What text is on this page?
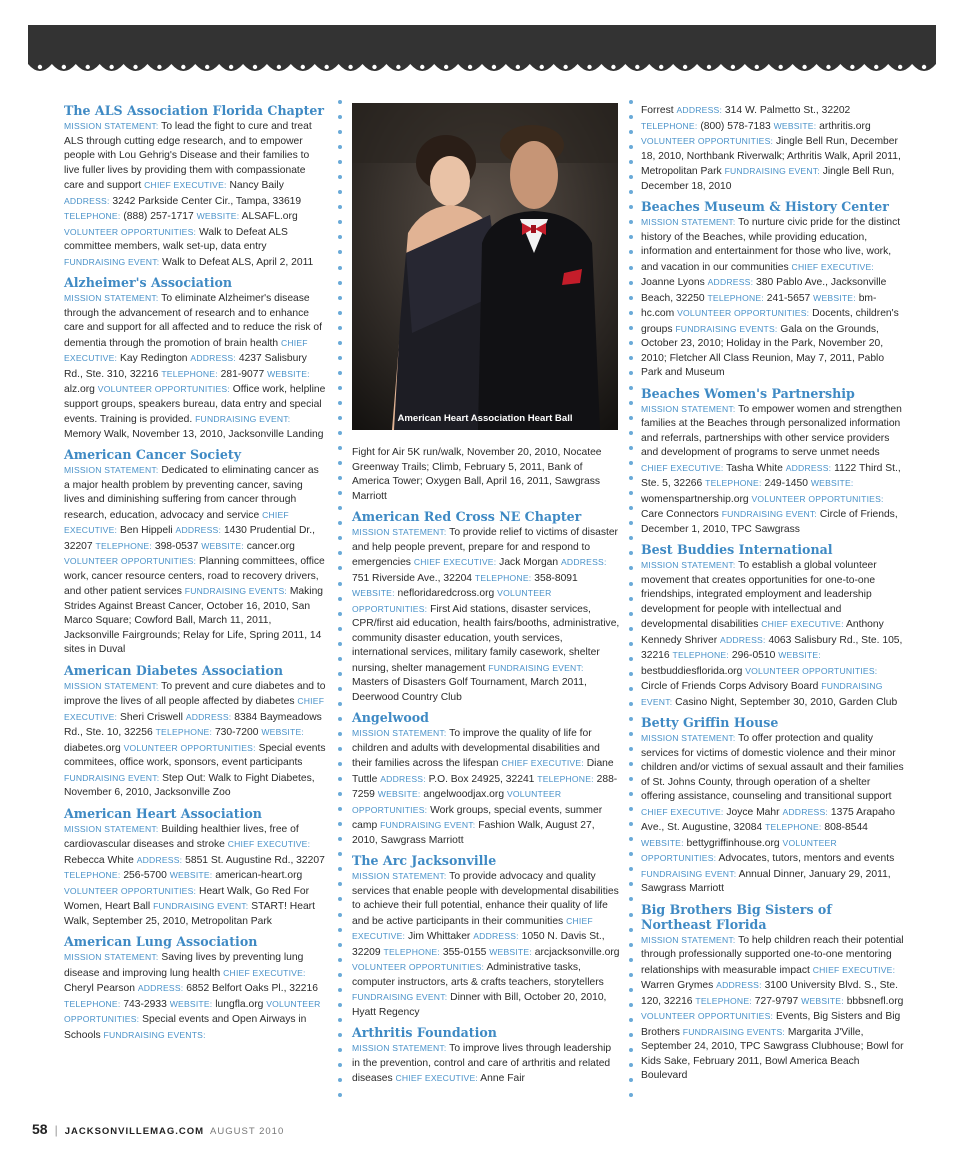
The ALS Association Florida Chapter
MISSION STATEMENT: To lead the fight to cure and treat ALS through cutting edge research, and to empower people with Lou Gehrig's Disease and their families to live fuller lives by providing them with compassionate care and support CHIEF EXECUTIVE: Nancy Baily ADDRESS: 3242 Parkside Center Cir., Tampa, 33619 TELEPHONE: (888) 257-1717 WEBSITE: ALSAFL.org VOLUNTEER OPPORTUNITIES: Walk to Defeat ALS committee members, walk set-up, data entry FUNDRAISING EVENT: Walk to Defeat ALS, April 2, 2011
Alzheimer's Association
MISSION STATEMENT: To eliminate Alzheimer's disease through the advancement of research and to enhance care and support for all affected and to reduce the risk of dementia through the promotion of brain health CHIEF EXECUTIVE: Kay Redington ADDRESS: 4237 Salisbury Rd., Ste. 310, 32216 TELEPHONE: 281-9077 WEBSITE: alz.org VOLUNTEER OPPORTUNITIES: Office work, helpline support groups, speakers bureau, data entry and special events. Training is provided. FUNDRAISING EVENT: Memory Walk, November 13, 2010, Jacksonville Landing
American Cancer Society
MISSION STATEMENT: Dedicated to eliminating cancer as a major health problem by preventing cancer, saving lives and diminishing suffering from cancer through research, education, advocacy and service CHIEF EXECUTIVE: Ben Hippeli ADDRESS: 1430 Prudential Dr., 32207 TELEPHONE: 398-0537 WEBSITE: cancer.org VOLUNTEER OPPORTUNITIES: Planning committees, office work, cancer resource centers, road to recovery drivers, and other patient services FUNDRAISING EVENTS: Making Strides Against Breast Cancer, October 16, 2010, San Marco Square; Cowford Ball, March 11, 2011, Jacksonville Fairgrounds; Relay for Life, Spring 2011, 14 sites in Duval
American Diabetes Association
MISSION STATEMENT: To prevent and cure diabetes and to improve the lives of all people affected by diabetes CHIEF EXECUTIVE: Sheri Criswell ADDRESS: 8384 Baymeadows Rd., Ste. 10, 32256 TELEPHONE: 730-7200 WEBSITE: diabetes.org VOLUNTEER OPPORTUNITIES: Special events commitees, office work, sponsors, event participants FUNDRAISING EVENT: Step Out: Walk to Fight Diabetes, November 6, 2010, Jacksonville Zoo
American Heart Association
MISSION STATEMENT: Building healthier lives, free of cardiovascular diseases and stroke CHIEF EXECUTIVE: Rebecca White ADDRESS: 5851 St. Augustine Rd., 32207 TELEPHONE: 256-5700 WEBSITE: american-heart.org VOLUNTEER OPPORTUNITIES: Heart Walk, Go Red For Women, Heart Ball FUNDRAISING EVENT: START! Heart Walk, September 25, 2010, Metropolitan Park
American Lung Association
MISSION STATEMENT: Saving lives by preventing lung disease and improving lung health CHIEF EXECUTIVE: Cheryl Pearson ADDRESS: 6852 Belfort Oaks Pl., 32216 TELEPHONE: 743-2933 WEBSITE: lungfla.org VOLUNTEER OPPORTUNITIES: Special events and Open Airways in Schools FUNDRAISING EVENTS:
American Heart Association Heart Ball
Fight for Air 5K run/walk, November 20, 2010, Nocatee Greenway Trails; Climb, February 5, 2011, Bank of America Tower; Oxygen Ball, April 16, 2011, Sawgrass Marriott
American Red Cross NE Chapter
MISSION STATEMENT: To provide relief to victims of disaster and help people prevent, prepare for and respond to emergencies CHIEF EXECUTIVE: Jack Morgan ADDRESS: 751 Riverside Ave., 32204 TELEPHONE: 358-8091 WEBSITE: nefloridaredcross.org VOLUNTEER OPPORTUNITIES: First Aid stations, disaster services, CPR/first aid education, health fairs/booths, administrative, community disaster education, youth services, international services, military family casework, shelter nursing, shelter management FUNDRAISING EVENT: Masters of Disasters Golf Tournament, March 2011, Deerwood Country Club
Angelwood
MISSION STATEMENT: To improve the quality of life for children and adults with developmental disabilities and their families across the lifespan CHIEF EXECUTIVE: Diane Tuttle ADDRESS: P.O. Box 24925, 32241 TELEPHONE: 288-7259 WEBSITE: angelwoodjax.org VOLUNTEER OPPORTUNITIES: Work groups, special events, summer camp FUNDRAISING EVENT: Fashion Walk, August 27, 2010, Sawgrass Marriott
The Arc Jacksonville
MISSION STATEMENT: To provide advocacy and quality services that enable people with developmental disabilities to achieve their full potential, enhance their quality of life and be active participants in their communities CHIEF EXECUTIVE: Jim Whittaker ADDRESS: 1050 N. Davis St., 32209 TELEPHONE: 355-0155 WEBSITE: arcjacksonville.org VOLUNTEER OPPORTUNITIES: Administrative tasks, computer instructors, arts & crafts teachers, storytellers FUNDRAISING EVENT: Dinner with Bill, October 20, 2010, Hyatt Regency
Arthritis Foundation
MISSION STATEMENT: To improve lives through leadership in the prevention, control and care of arthritis and related diseases CHIEF EXECUTIVE: Anne Fair
Forrest ADDRESS: 314 W. Palmetto St., 32202 TELEPHONE: (800) 578-7183 WEBSITE: arthritis.org VOLUNTEER OPPORTUNITIES: Jingle Bell Run, December 18, 2010, Northbank Riverwalk; Arthritis Walk, April 2011, Metropolitan Park FUNDRAISING EVENT: Jingle Bell Run, December 18, 2010
Beaches Museum & History Center
MISSION STATEMENT: To nurture civic pride for the distinct history of the Beaches, while providing education, information and entertainment for those who live, work, and vacation in our communities CHIEF EXECUTIVE: Joanne Lyons ADDRESS: 380 Pablo Ave., Jacksonville Beach, 32250 TELEPHONE: 241-5657 WEBSITE: bm-hc.com VOLUNTEER OPPORTUNITIES: Docents, children's groups FUNDRAISING EVENTS: Gala on the Grounds, October 23, 2010; Holiday in the Park, November 20, 2010; Fletcher All Class Reunion, May 7, 2011, Pablo Park and Museum
Beaches Women's Partnership
MISSION STATEMENT: To empower women and strengthen families at the Beaches through personalized information and referrals, partnerships with other service providers and development of programs to serve unmet needs CHIEF EXECUTIVE: Tasha White ADDRESS: 1122 Third St., Ste. 5, 32266 TELEPHONE: 249-1450 WEBSITE: womenspartnership.org VOLUNTEER OPPORTUNITIES: Care Connectors FUNDRAISING EVENT: Circle of Friends, December 1, 2010, TPC Sawgrass
Best Buddies International
MISSION STATEMENT: To establish a global volunteer movement that creates opportunities for one-to-one friendships, integrated employment and leadership development for people with intellectual and developmental disabilities CHIEF EXECUTIVE: Anthony Kennedy Shriver ADDRESS: 4063 Salisbury Rd., Ste. 105, 32216 TELEPHONE: 296-0510 WEBSITE: bestbuddiesflorida.org VOLUNTEER OPPORTUNITIES: Circle of Friends Corps Advisory Board FUNDRAISING EVENT: Casino Night, September 30, 2010, Garden Club
Betty Griffin House
MISSION STATEMENT: To offer protection and quality services for victims of domestic violence and their minor children and/or victims of sexual assault and their families of St. Johns County, through operation of a shelter offering assistance, counseling and transitional support CHIEF EXECUTIVE: Joyce Mahr ADDRESS: 1375 Arapaho Ave., St. Augustine, 32084 TELEPHONE: 808-8544 WEBSITE: bettygriffinhouse.org VOLUNTEER OPPORTUNITIES: Advocates, tutors, mentors and events FUNDRAISING EVENT: Annual Dinner, January 29, 2011, Sawgrass Marriott
Big Brothers Big Sisters of Northeast Florida
MISSION STATEMENT: To help children reach their potential through professionally supported one-to-one mentoring relationships with measurable impact CHIEF EXECUTIVE: Warren Grymes ADDRESS: 3100 University Blvd. S., Ste. 120, 32216 TELEPHONE: 727-9797 WEBSITE: bbbsnefl.org VOLUNTEER OPPORTUNITIES: Events, Big Sisters and Big Brothers FUNDRAISING EVENTS: Margarita J'Ville, September 24, 2010, TPC Sawgrass Clubhouse; Bowl for Kids Sake, February 2011, Bowl America Beach Boulevard
58 | JACKSONVILLEMAG.COM AUGUST 2010
